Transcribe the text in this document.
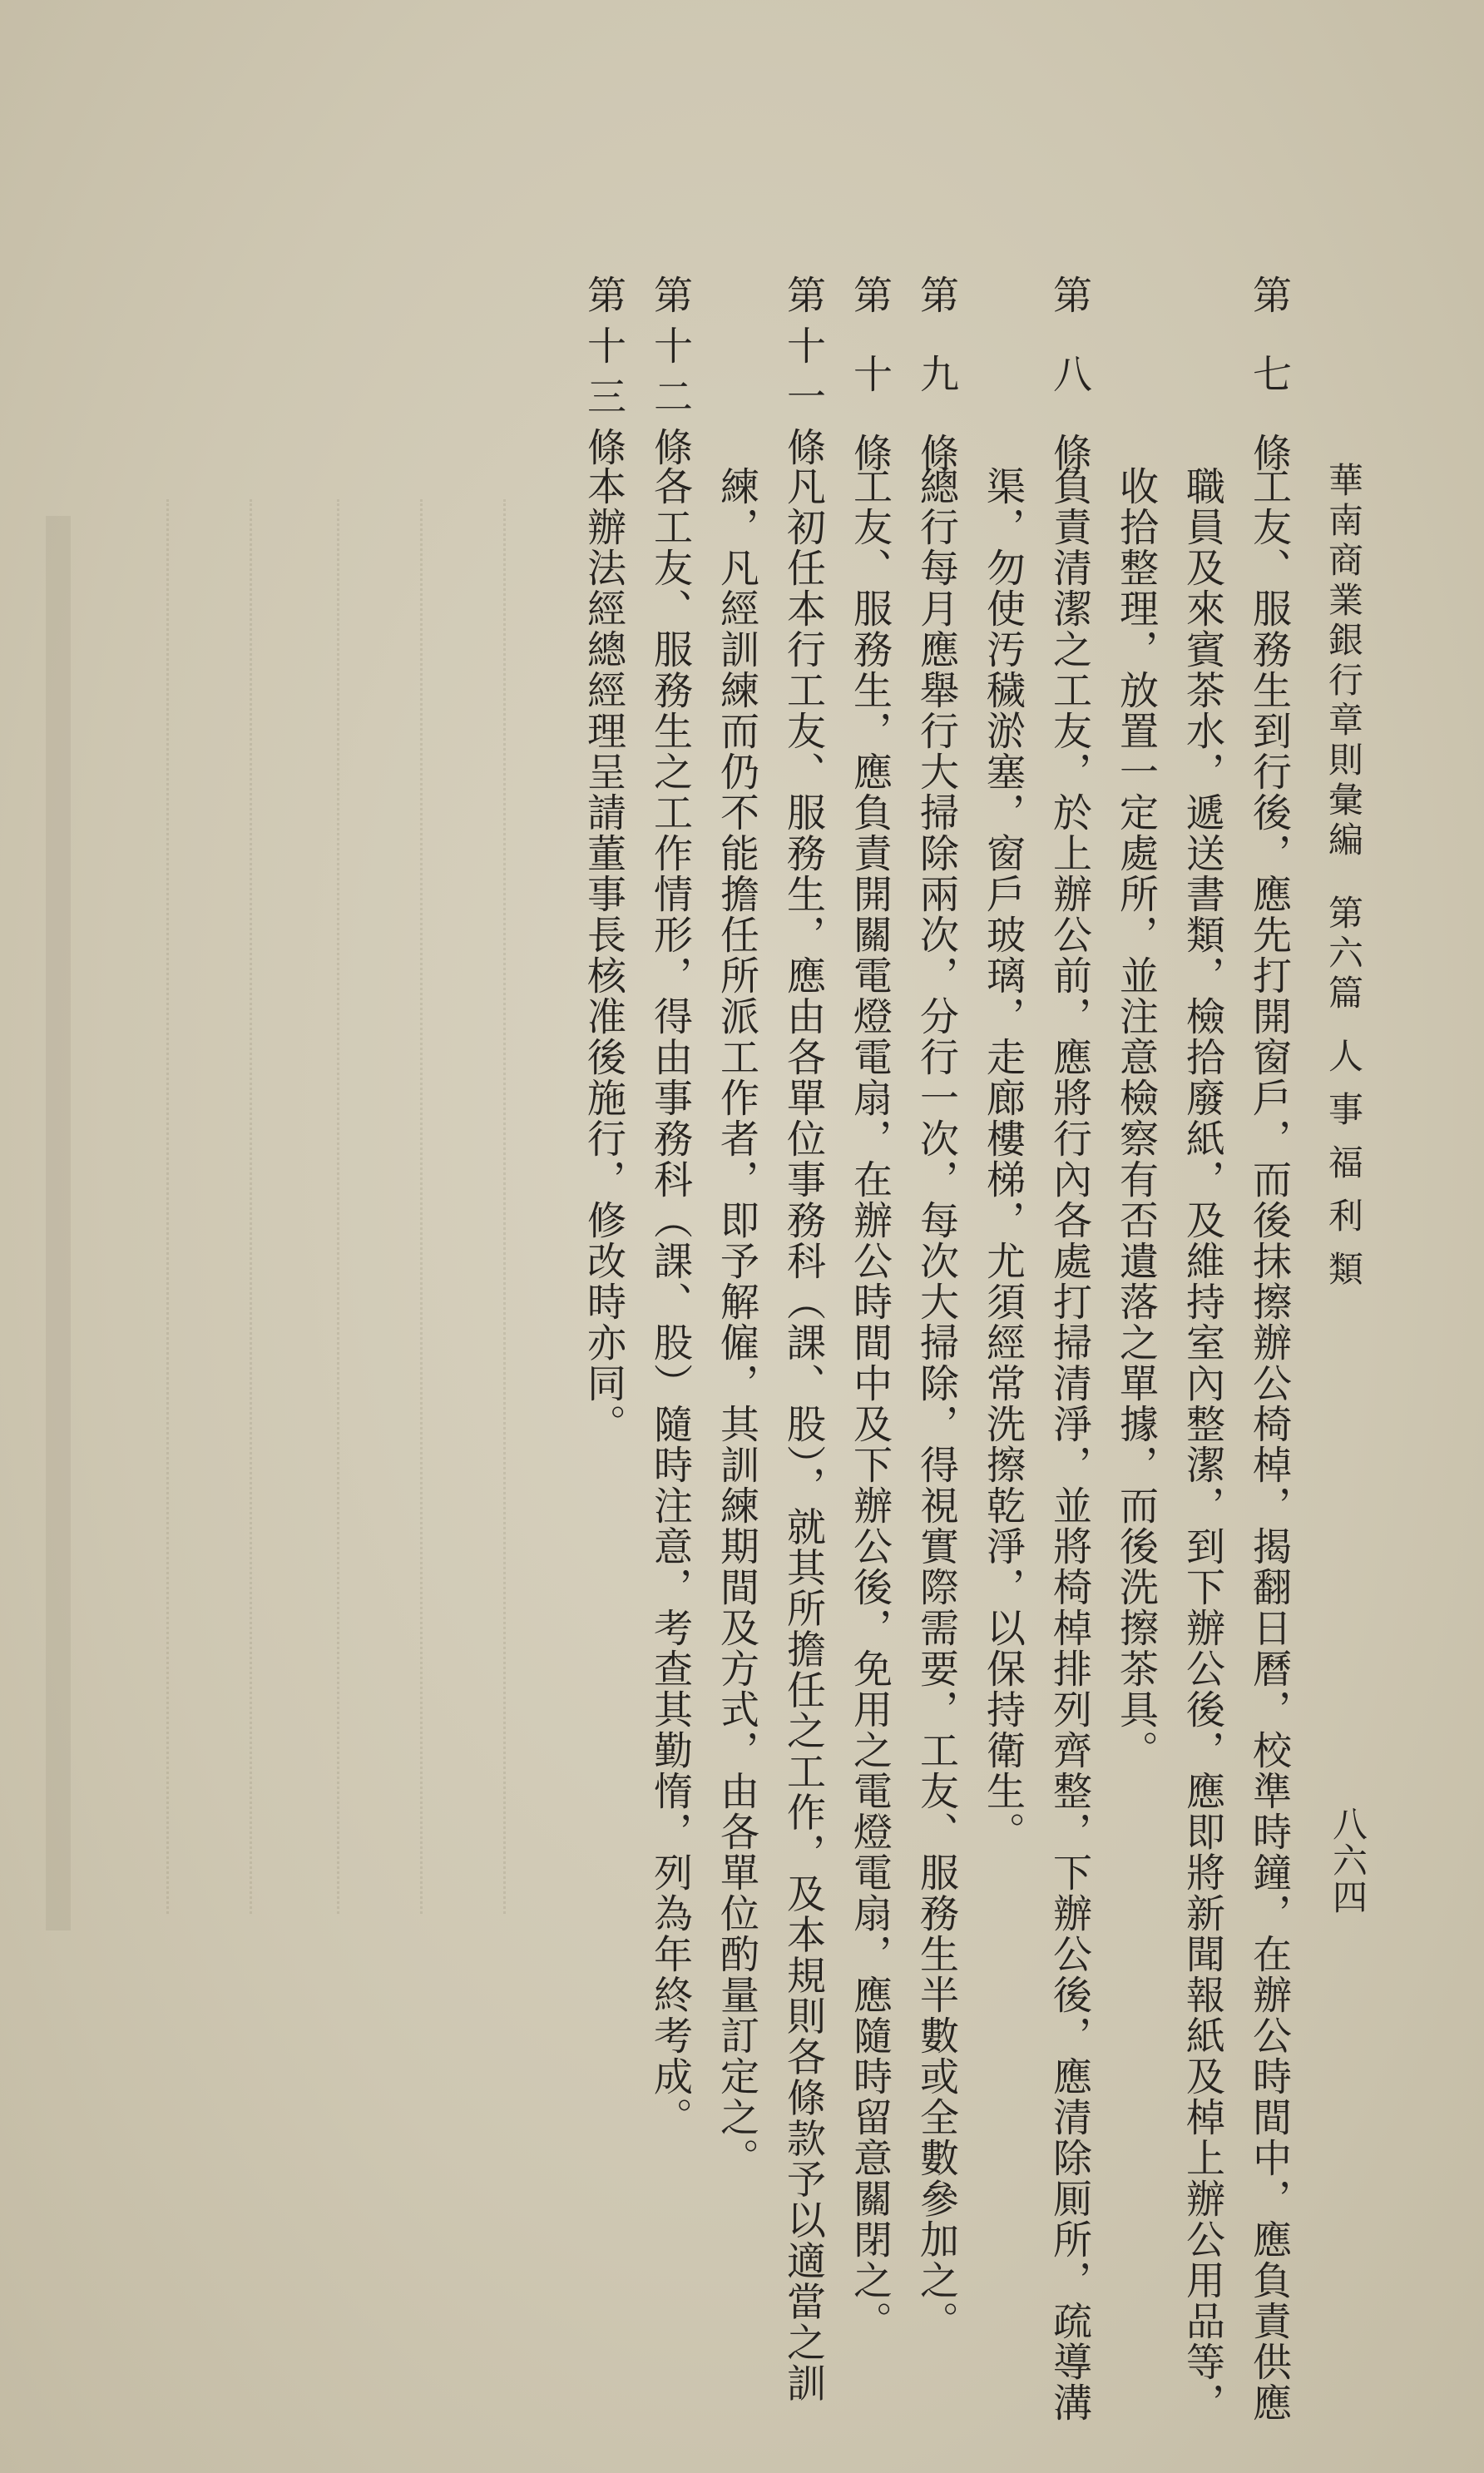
華南商業銀行章則彙編第六篇人事福利類
八六四
第七條
工友、服務生到行後，應先打開窗戶，而後抹擦辦公椅棹，揭翻日曆，校準時鐘，在辦公時間中，應負責供應
職員及來賓茶水，遞送書類，檢拾廢紙，及維持室內整潔，到下辦公後，應即將新聞報紙及棹上辦公用品等，
收拾整理，放置一定處所，並注意檢察有否遺落之單據，而後洗擦茶具。
第八條
負責清潔之工友，於上辦公前，應將行內各處打掃清淨，並將椅棹排列齊整，下辦公後，應清除厠所，疏導溝
渠，勿使汚穢淤塞，窗戶玻璃，走廊樓梯，尤須經常洗擦乾淨，以保持衛生。
第九條
總行每月應舉行大掃除兩次，分行一次，每次大掃除，得視實際需要，工友、服務生半數或全數參加之。
第十條
工友、服務生，應負責開關電燈電扇，在辦公時間中及下辦公後，免用之電燈電扇，應隨時留意關閉之。
第十一條
凡初任本行工友、服務生，應由各單位事務科（課、股），就其所擔任之工作，及本規則各條款予以適當之訓
練，凡經訓練而仍不能擔任所派工作者，即予解僱，其訓練期間及方式，由各單位酌量訂定之。
第十二條
各工友、服務生之工作情形，得由事務科（課、股）隨時注意，考查其勤惰，列為年終考成。
第十三條
本辦法經總經理呈請董事長核准後施行，修改時亦同。
